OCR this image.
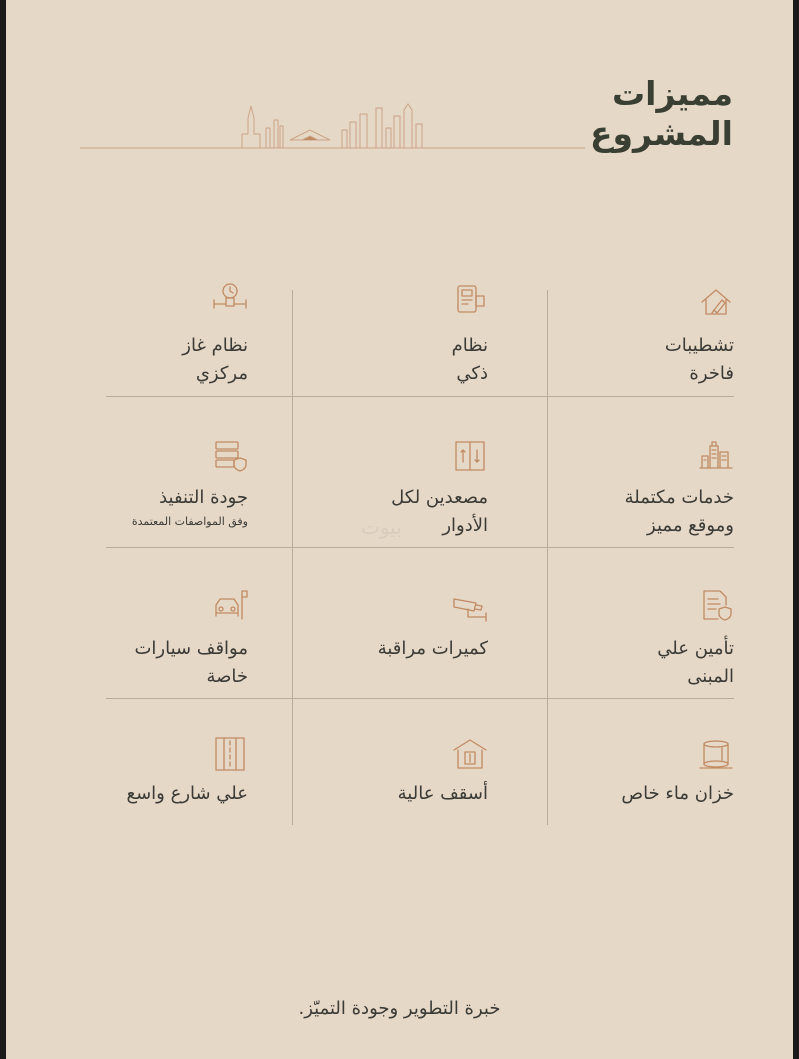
مميزات
المشروع
تشطيبات
فاخرة
نظام
ذكي
نظام غاز
مركزي
خدمات مكتملة
وموقع مميز
مصعدين لكل
الأدوار
جودة التنفيذ
وفق المواصفات المعتمدة
تأمين علي
المبنى
كميرات مراقبة
مواقف سيارات
خاصة
خزان ماء خاص
أسقف عالية
علي شارع واسع
بيوت
خبرة التطوير وجودة التميّز.
